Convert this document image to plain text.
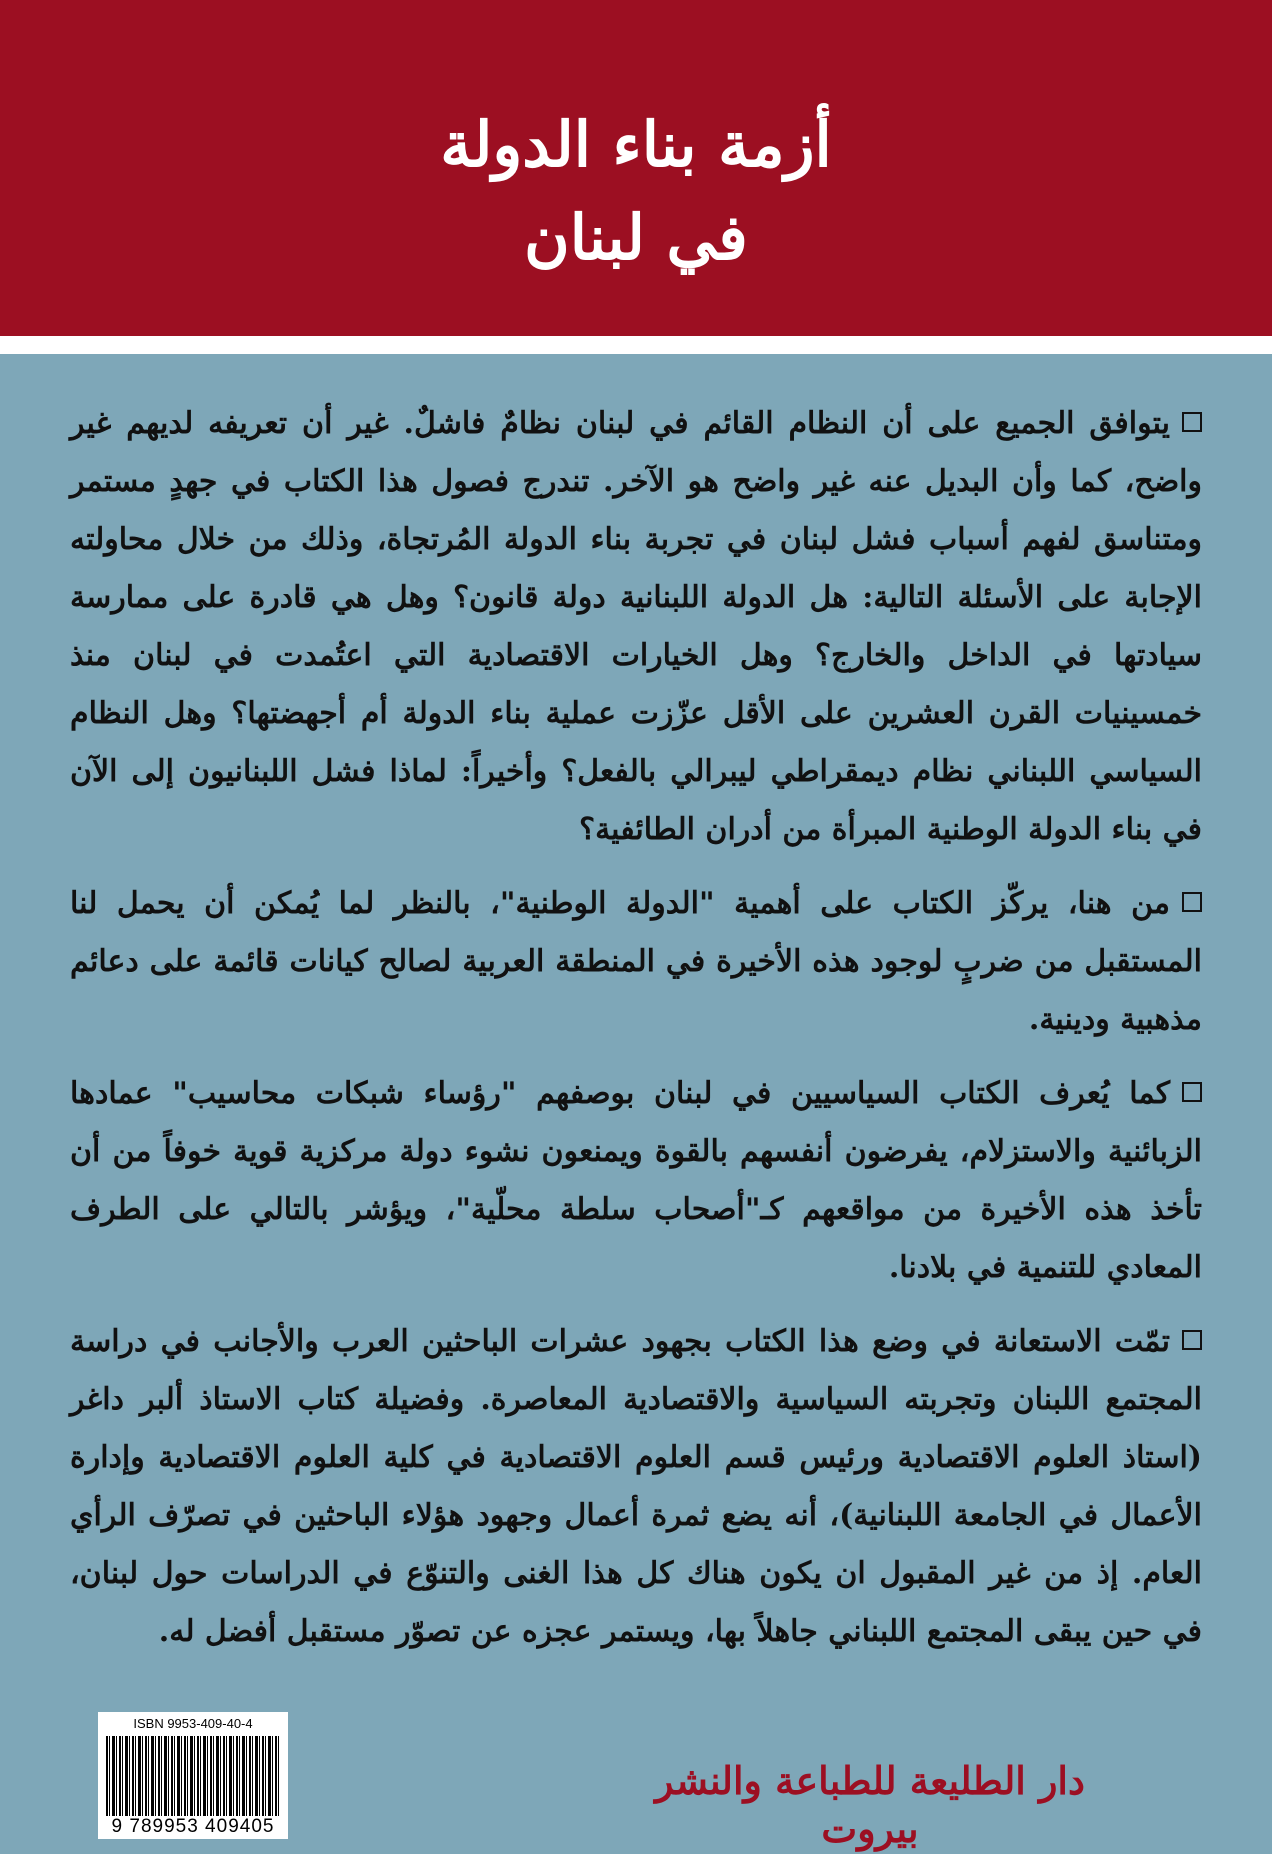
أزمة بناء الدولة
في لبنان

يتوافق الجميع على أن النظام القائم في لبنان نظامٌ فاشلٌ. غير أن تعريفه لديهم غير واضح، كما وأن البديل عنه غير واضح هو الآخر. تندرج فصول هذا الكتاب في جهدٍ مستمر ومتناسق لفهم أسباب فشل لبنان في تجربة بناء الدولة المُرتجاة، وذلك من خلال محاولته الإجابة على الأسئلة التالية: هل الدولة اللبنانية دولة قانون؟ وهل هي قادرة على ممارسة سيادتها في الداخل والخارج؟ وهل الخيارات الاقتصادية التي اعتُمدت في لبنان منذ خمسينيات القرن العشرين على الأقل عزّزت عملية بناء الدولة أم أجهضتها؟ وهل النظام السياسي اللبناني نظام ديمقراطي ليبرالي بالفعل؟ وأخيراً: لماذا فشل اللبنانيون إلى الآن في بناء الدولة الوطنية المبرأة من أدران الطائفية؟

من هنا، يركّز الكتاب على أهمية "الدولة الوطنية"، بالنظر لما يُمكن أن يحمل لنا المستقبل من ضربٍ لوجود هذه الأخيرة في المنطقة العربية لصالح كيانات قائمة على دعائم مذهبية ودينية.

كما يُعرف الكتاب السياسيين في لبنان بوصفهم "رؤساء شبكات محاسيب" عمادها الزبائنية والاستزلام، يفرضون أنفسهم بالقوة ويمنعون نشوء دولة مركزية قوية خوفاً من أن تأخذ هذه الأخيرة من مواقعهم كـ"أصحاب سلطة محلّية"، ويؤشر بالتالي على الطرف المعادي للتنمية في بلادنا.

تمّت الاستعانة في وضع هذا الكتاب بجهود عشرات الباحثين العرب والأجانب في دراسة المجتمع اللبنان وتجربته السياسية والاقتصادية المعاصرة. وفضيلة كتاب الاستاذ ألبر داغر (استاذ العلوم الاقتصادية ورئيس قسم العلوم الاقتصادية في كلية العلوم الاقتصادية وإدارة الأعمال في الجامعة اللبنانية)، أنه يضع ثمرة أعمال وجهود هؤلاء الباحثين في تصرّف الرأي العام. إذ من غير المقبول ان يكون هناك كل هذا الغنى والتنوّع في الدراسات حول لبنان، في حين يبقى المجتمع اللبناني جاهلاً بها، ويستمر عجزه عن تصوّر مستقبل أفضل له.

ISBN 9953-409-40-4
9 789953 409405
دار الطليعة للطباعة والنشر
بيروت
